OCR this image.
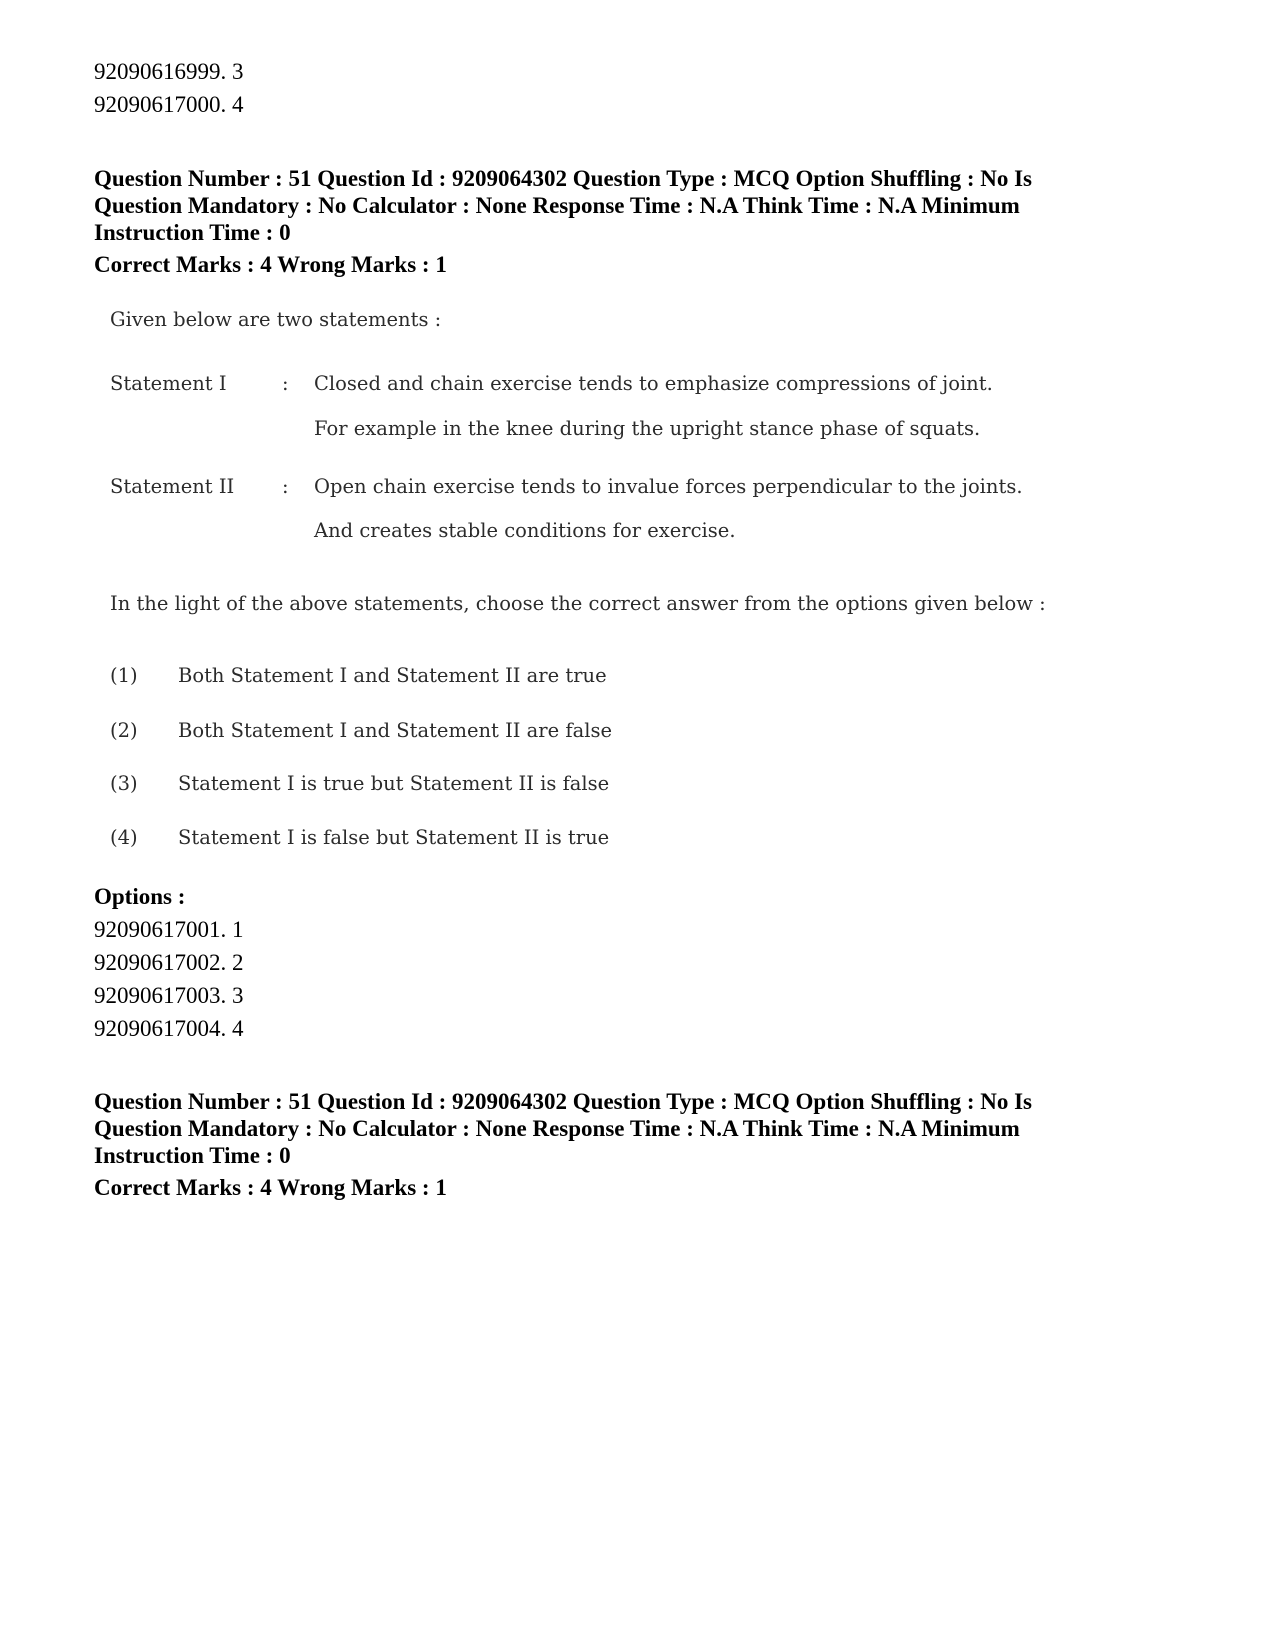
92090616999. 3
92090617000. 4
Question Number : 51 Question Id : 9209064302 Question Type : MCQ Option Shuffling : No Is Question Mandatory : No Calculator : None Response Time : N.A Think Time : N.A Minimum Instruction Time : 0
Correct Marks : 4 Wrong Marks : 1
Given below are two statements :
Statement I	: Closed and chain exercise tends to emphasize compressions of joint.
For example in the knee during the upright stance phase of squats.
Statement II : Open chain exercise tends to invalue forces perpendicular to the joints.
And creates stable conditions for exercise.
In the light of the above statements, choose the correct answer from the options given below :
(1) Both Statement I and Statement II are true
(2) Both Statement I and Statement II are false
(3) Statement I is true but Statement II is false
(4) Statement I is false but Statement II is true
Options :
92090617001. 1
92090617002. 2
92090617003. 3
92090617004. 4
Question Number : 51 Question Id : 9209064302 Question Type : MCQ Option Shuffling : No Is Question Mandatory : No Calculator : None Response Time : N.A Think Time : N.A Minimum Instruction Time : 0
Correct Marks : 4 Wrong Marks : 1
